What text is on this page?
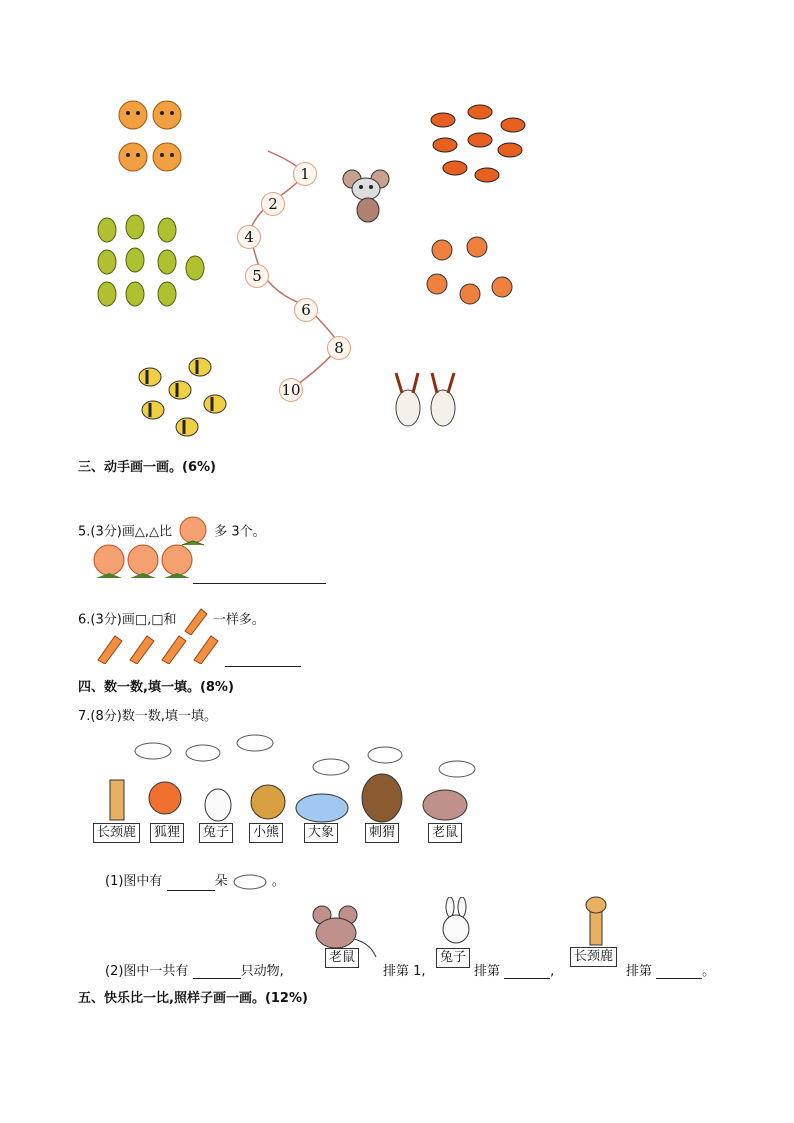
1
2
4
5
6
8
10
三、动手画一画。(6%)
5.(3分)画△,△比	多 3个。
6.(3分)画□,□和	一样多。
四、数一数,填一填。(8%)
7.(8分)数一数,填一填。
长颈鹿	狐狸	兔子	小熊	大象	刺猬	老鼠
(1)图中有	朵	。
老鼠	兔子	长颈鹿
(2)图中一共有	只动物,	排第 1,	排第	,	排第	。
五、快乐比一比,照样子画一画。(12%)
